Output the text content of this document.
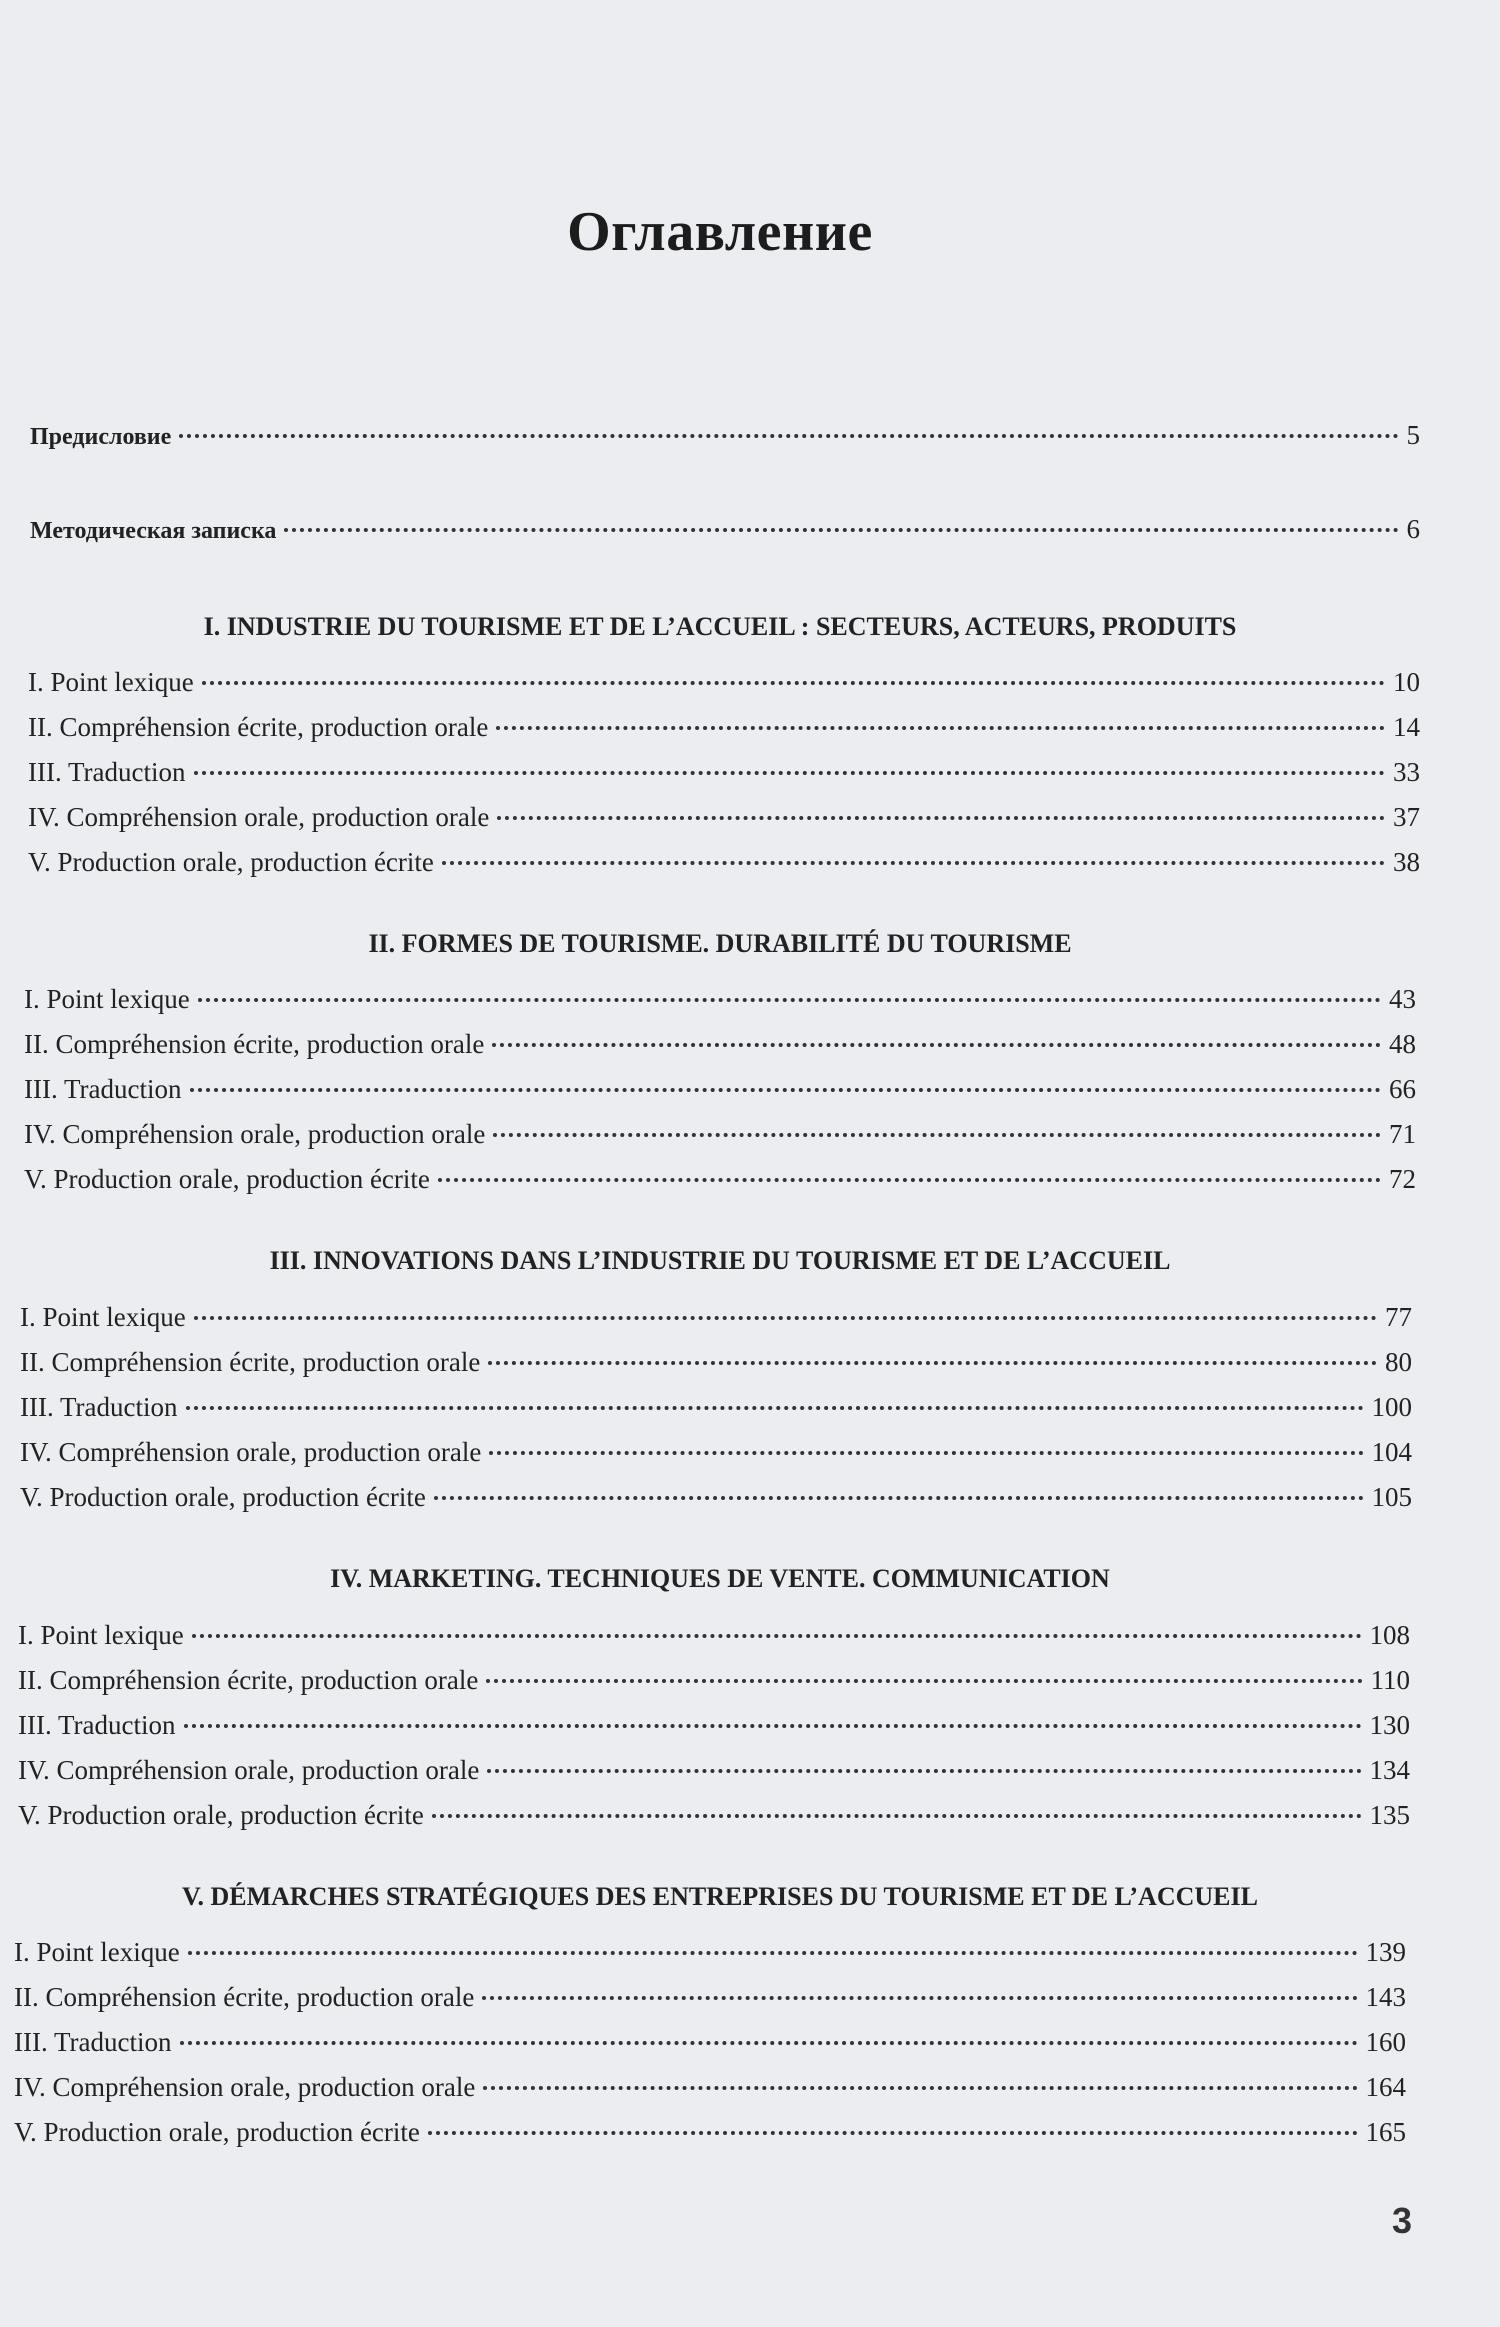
Оглавление
Предисловие	5
Методическая записка	6
I. INDUSTRIE DU TOURISME ET DE L’ACCUEIL : SECTEURS, ACTEURS, PRODUITS
I. Point lexique	10
II. Compréhension écrite, production orale	14
III. Traduction	33
IV. Compréhension orale, production orale	37
V. Production orale, production écrite	38
II. FORMES DE TOURISME. DURABILITÉ DU TOURISME
I. Point lexique	43
II. Compréhension écrite, production orale	48
III. Traduction	66
IV. Compréhension orale, production orale	71
V. Production orale, production écrite	72
III. INNOVATIONS DANS L’INDUSTRIE DU TOURISME ET DE L’ACCUEIL
I. Point lexique	77
II. Compréhension écrite, production orale	80
III. Traduction	100
IV. Compréhension orale, production orale	104
V. Production orale, production écrite	105
IV. MARKETING. TECHNIQUES DE VENTE. COMMUNICATION
I. Point lexique	108
II. Compréhension écrite, production orale	110
III. Traduction	130
IV. Compréhension orale, production orale	134
V. Production orale, production écrite	135
V. DÉMARCHES STRATÉGIQUES DES ENTREPRISES DU TOURISME ET DE L’ACCUEIL
I. Point lexique	139
II. Compréhension écrite, production orale	143
III. Traduction	160
IV. Compréhension orale, production orale	164
V. Production orale, production écrite	165
3
